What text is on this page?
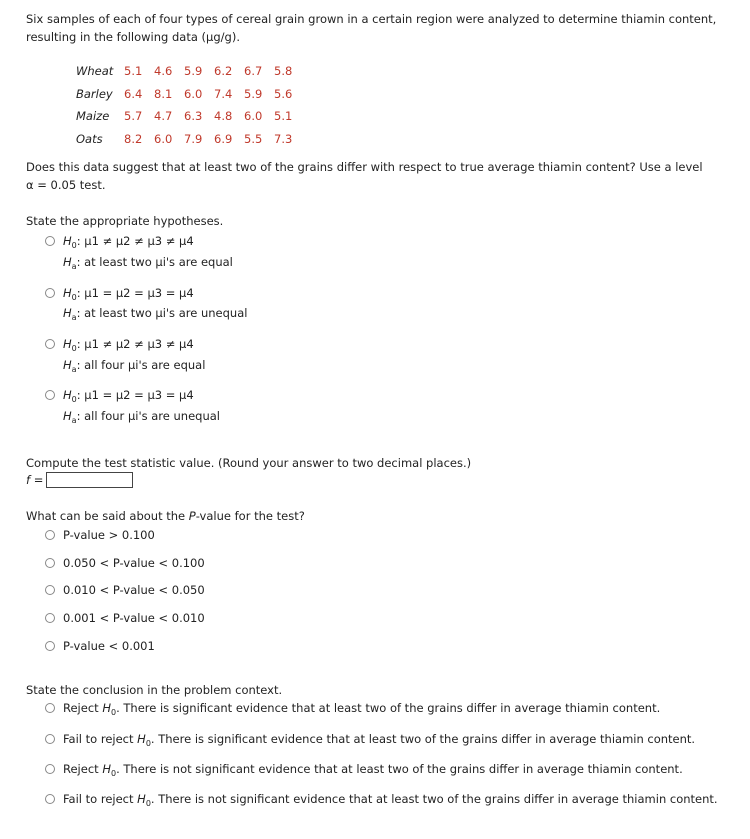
Six samples of each of four types of cereal grain grown in a certain region were analyzed to determine thiamin content,
resulting in the following data (μg/g).
Wheat	5.1	4.6	5.9	6.2	6.7	5.8
Barley	6.4	8.1	6.0	7.4	5.9	5.6
Maize	5.7	4.7	6.3	4.8	6.0	5.1
Oats	8.2	6.0	7.9	6.9	5.5	7.3
Does this data suggest that at least two of the grains differ with respect to true average thiamin content? Use a level
α = 0.05 test.
State the appropriate hypotheses.
$H_0$: μ1 ≠ μ2 ≠ μ3 ≠ μ4
$H_a$: at least two μi's are equal
$H_0$: μ1 = μ2 = μ3 = μ4
$H_a$: at least two μi's are unequal
$H_0$: μ1 ≠ μ2 ≠ μ3 ≠ μ4
$H_a$: all four μi's are equal
$H_0$: μ1 = μ2 = μ3 = μ4
$H_a$: all four μi's are unequal
Compute the test statistic value. (Round your answer to two decimal places.)
f =
What can be said about the P-value for the test?
P-value > 0.100
0.050 < P-value < 0.100
0.010 < P-value < 0.050
0.001 < P-value < 0.010
P-value < 0.001
State the conclusion in the problem context.
Reject $H_0$. There is significant evidence that at least two of the grains differ in average thiamin content.
Fail to reject $H_0$. There is significant evidence that at least two of the grains differ in average thiamin content.
Reject $H_0$. There is not significant evidence that at least two of the grains differ in average thiamin content.
Fail to reject $H_0$. There is not significant evidence that at least two of the grains differ in average thiamin content.
